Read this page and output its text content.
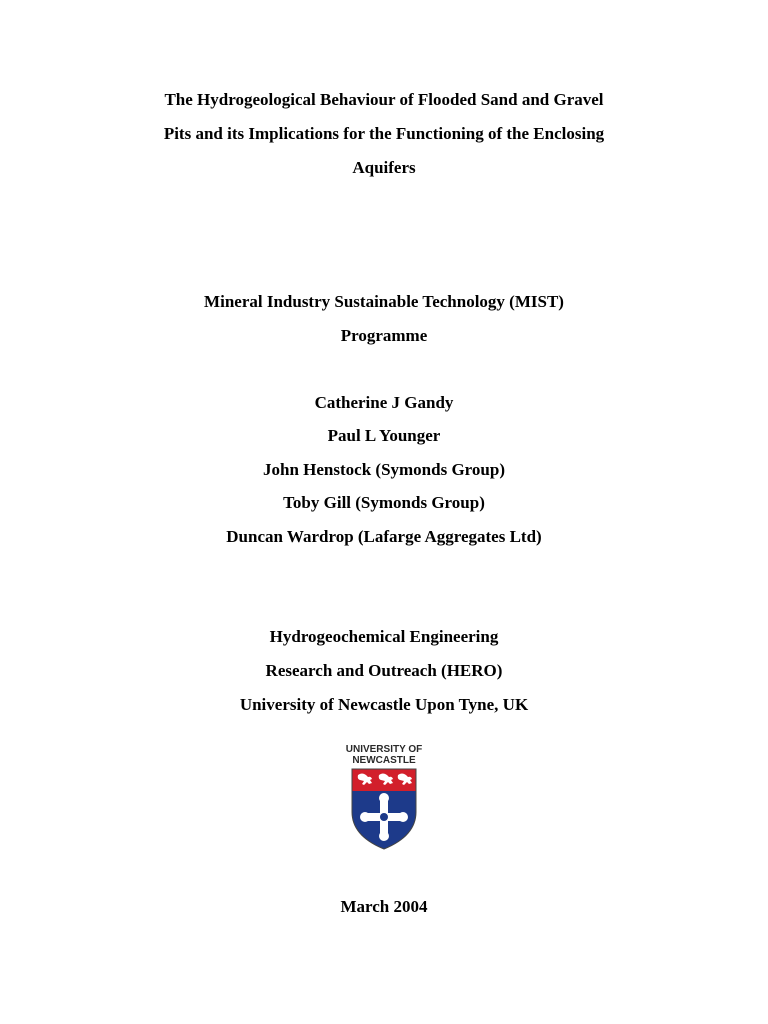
The Hydrogeological Behaviour of Flooded Sand and Gravel
Pits and its Implications for the Functioning of the Enclosing
Aquifers
Mineral Industry Sustainable Technology (MIST)
Programme
Catherine J Gandy
Paul L Younger
John Henstock (Symonds Group)
Toby Gill (Symonds Group)
Duncan Wardrop (Lafarge Aggregates Ltd)
Hydrogeochemical Engineering
Research and Outreach (HERO)
University of Newcastle Upon Tyne, UK
UNIVERSITY OF
NEWCASTLE
March 2004
